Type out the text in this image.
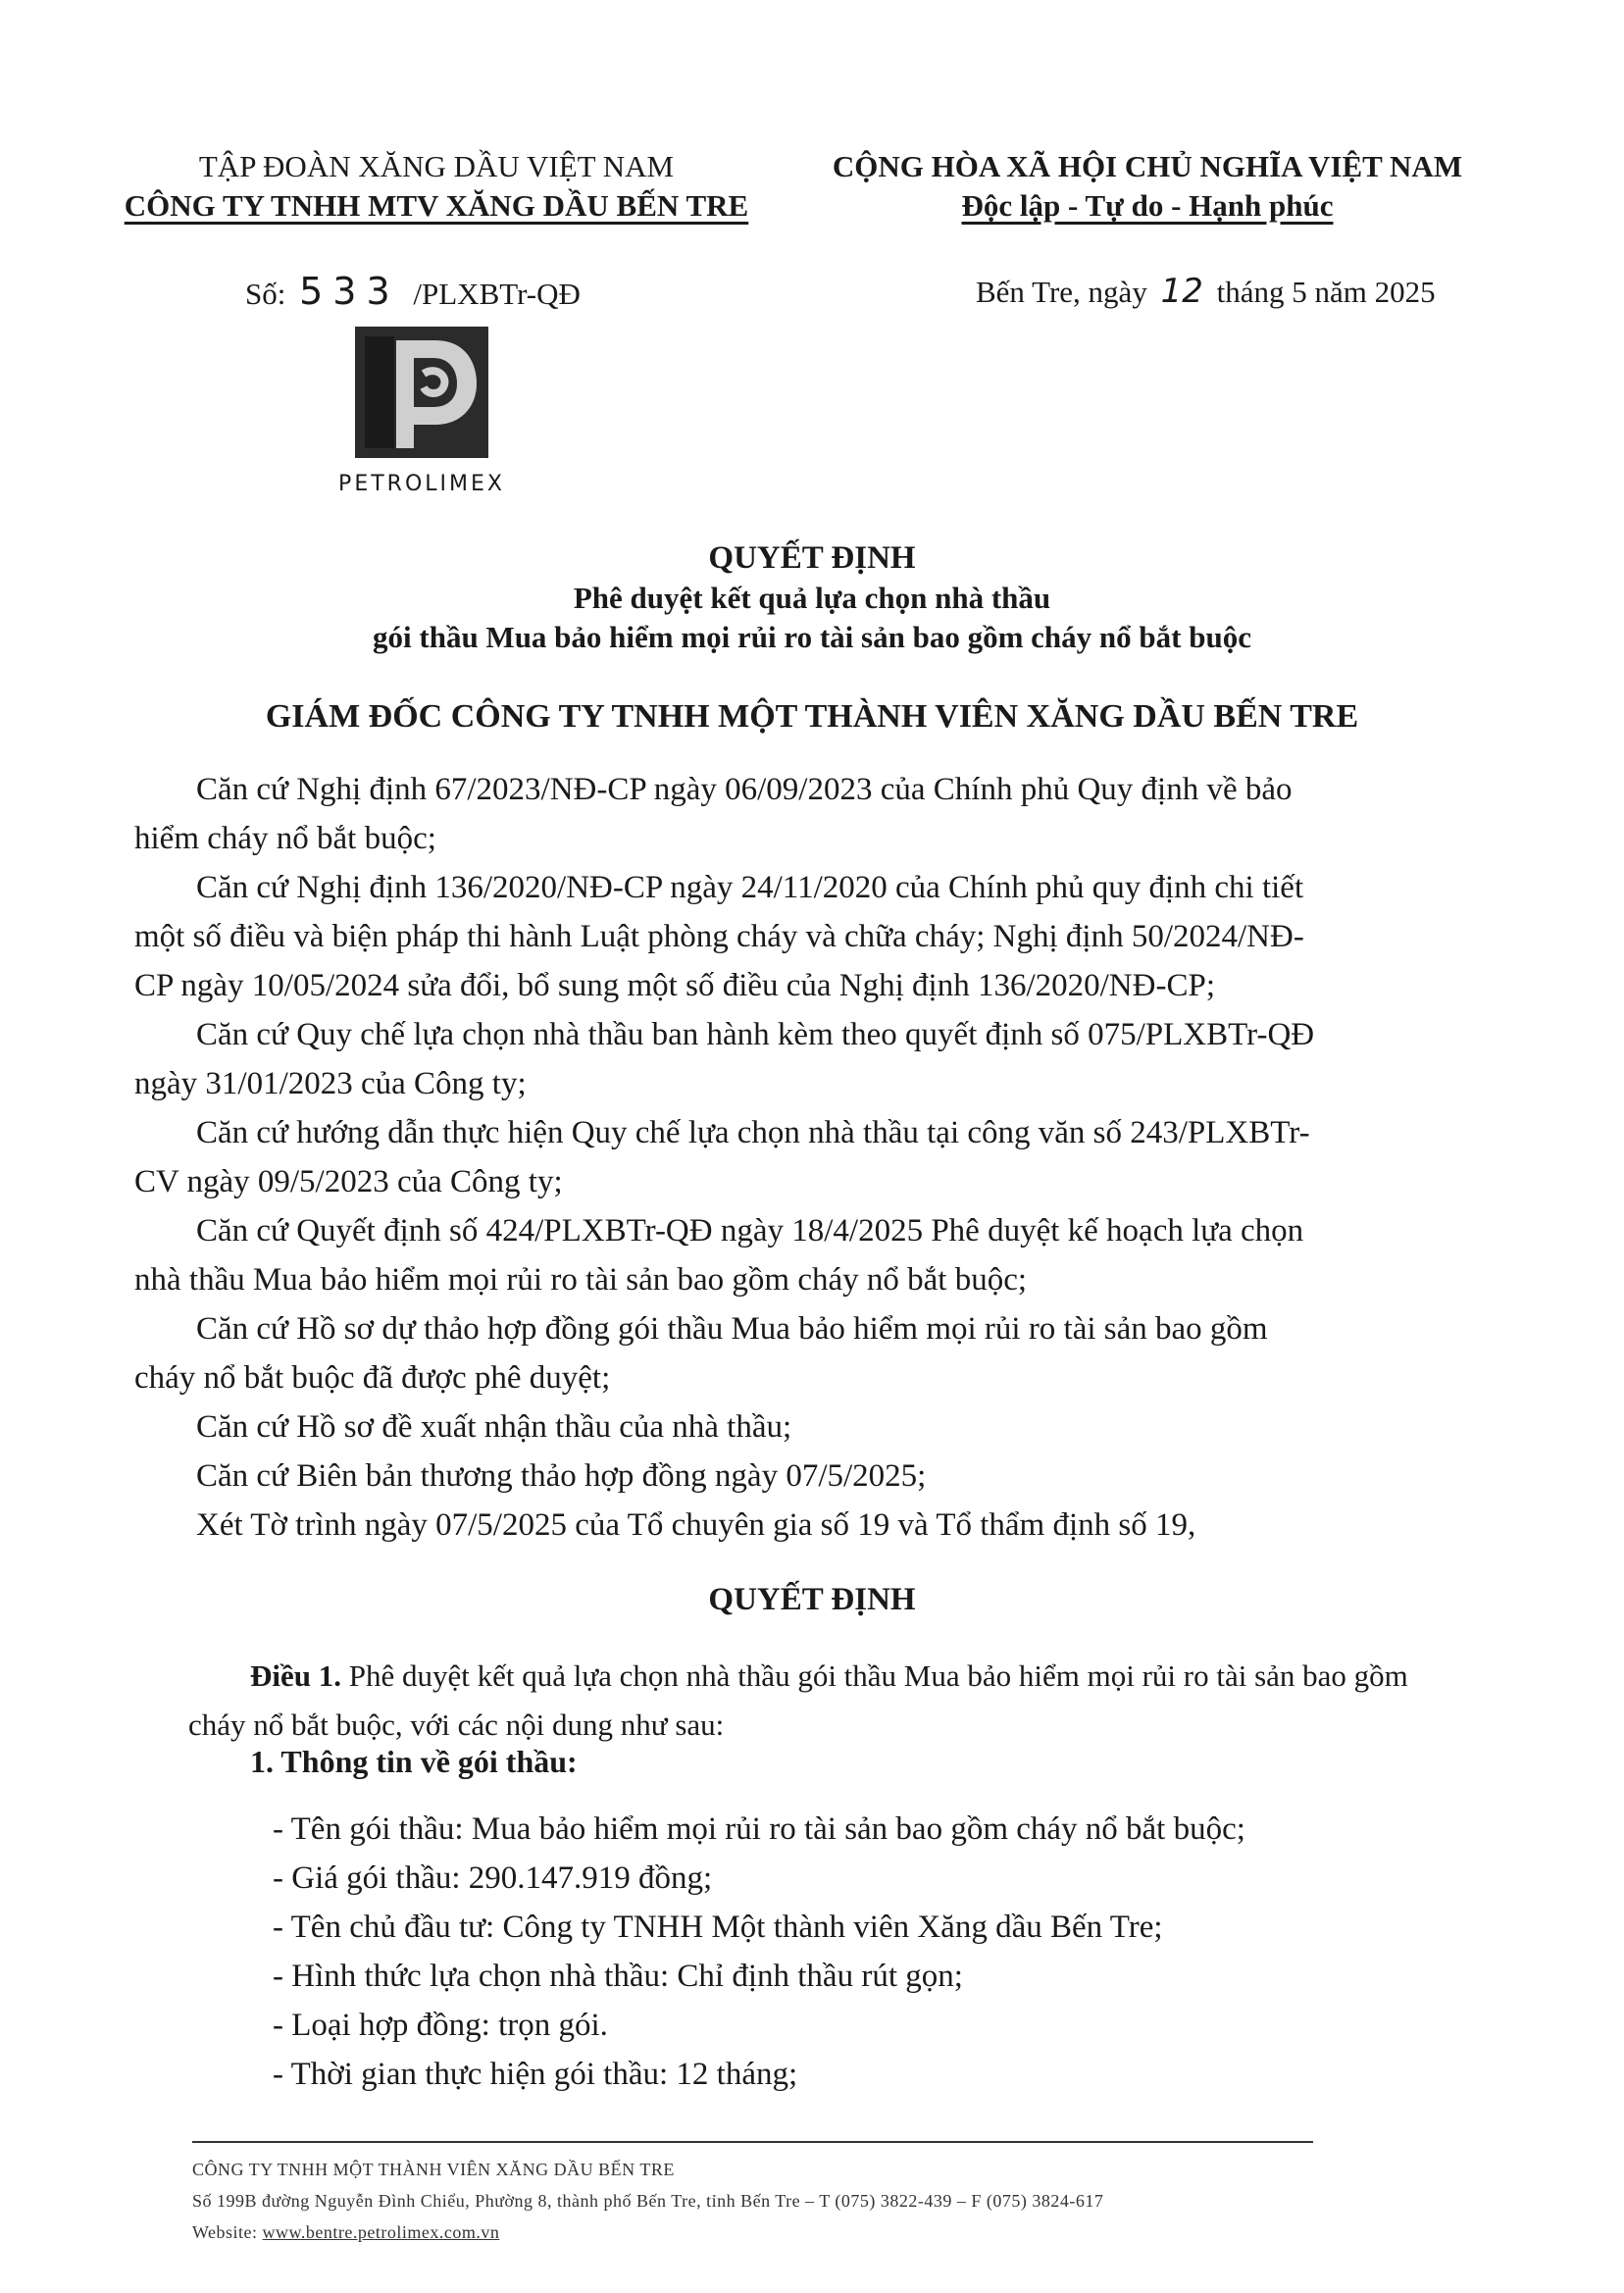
TẬP ĐOÀN XĂNG DẦU VIỆT NAM
CÔNG TY TNHH MTV XĂNG DẦU BẾN TRE
CỘNG HÒA XÃ HỘI CHỦ NGHĨA VIỆT NAM
Độc lập - Tự do - Hạnh phúc
Số: 533 /PLXBTr-QĐ	Bến Tre, ngày 12 tháng 5 năm 2025
PETROLIMEX
QUYẾT ĐỊNH
Phê duyệt kết quả lựa chọn nhà thầu
gói thầu Mua bảo hiểm mọi rủi ro tài sản bao gồm cháy nổ bắt buộc
GIÁM ĐỐC CÔNG TY TNHH MỘT THÀNH VIÊN XĂNG DẦU BẾN TRE
Căn cứ Nghị định 67/2023/NĐ-CP ngày 06/09/2023 của Chính phủ Quy định về bảo
hiểm cháy nổ bắt buộc;
Căn cứ Nghị định 136/2020/NĐ-CP ngày 24/11/2020 của Chính phủ quy định chi tiết
một số điều và biện pháp thi hành Luật phòng cháy và chữa cháy; Nghị định 50/2024/NĐ-
CP ngày 10/05/2024 sửa đổi, bổ sung một số điều của Nghị định 136/2020/NĐ-CP;
Căn cứ Quy chế lựa chọn nhà thầu ban hành kèm theo quyết định số 075/PLXBTr-QĐ
ngày 31/01/2023 của Công ty;
Căn cứ hướng dẫn thực hiện Quy chế lựa chọn nhà thầu tại công văn số 243/PLXBTr-
CV ngày 09/5/2023 của Công ty;
Căn cứ Quyết định số 424/PLXBTr-QĐ ngày 18/4/2025 Phê duyệt kế hoạch lựa chọn
nhà thầu Mua bảo hiểm mọi rủi ro tài sản bao gồm cháy nổ bắt buộc;
Căn cứ Hồ sơ dự thảo hợp đồng gói thầu Mua bảo hiểm mọi rủi ro tài sản bao gồm
cháy nổ bắt buộc đã được phê duyệt;
Căn cứ Hồ sơ đề xuất nhận thầu của nhà thầu;
Căn cứ Biên bản thương thảo hợp đồng ngày 07/5/2025;
Xét Tờ trình ngày 07/5/2025 của Tổ chuyên gia số 19 và Tổ thẩm định số 19,
QUYẾT ĐỊNH
Điều 1. Phê duyệt kết quả lựa chọn nhà thầu gói thầu Mua bảo hiểm mọi rủi ro tài sản bao gồm
cháy nổ bắt buộc, với các nội dung như sau:
1. Thông tin về gói thầu:
- Tên gói thầu: Mua bảo hiểm mọi rủi ro tài sản bao gồm cháy nổ bắt buộc;
- Giá gói thầu: 290.147.919 đồng;
- Tên chủ đầu tư: Công ty TNHH Một thành viên Xăng dầu Bến Tre;
- Hình thức lựa chọn nhà thầu: Chỉ định thầu rút gọn;
- Loại hợp đồng: trọn gói.
- Thời gian thực hiện gói thầu: 12 tháng;
CÔNG TY TNHH MỘT THÀNH VIÊN XĂNG DẦU BẾN TRE
Số 199B đường Nguyễn Đình Chiểu, Phường 8, thành phố Bến Tre, tỉnh Bến Tre – T (075) 3822-439 – F (075) 3824-617
Website: www.bentre.petrolimex.com.vn
